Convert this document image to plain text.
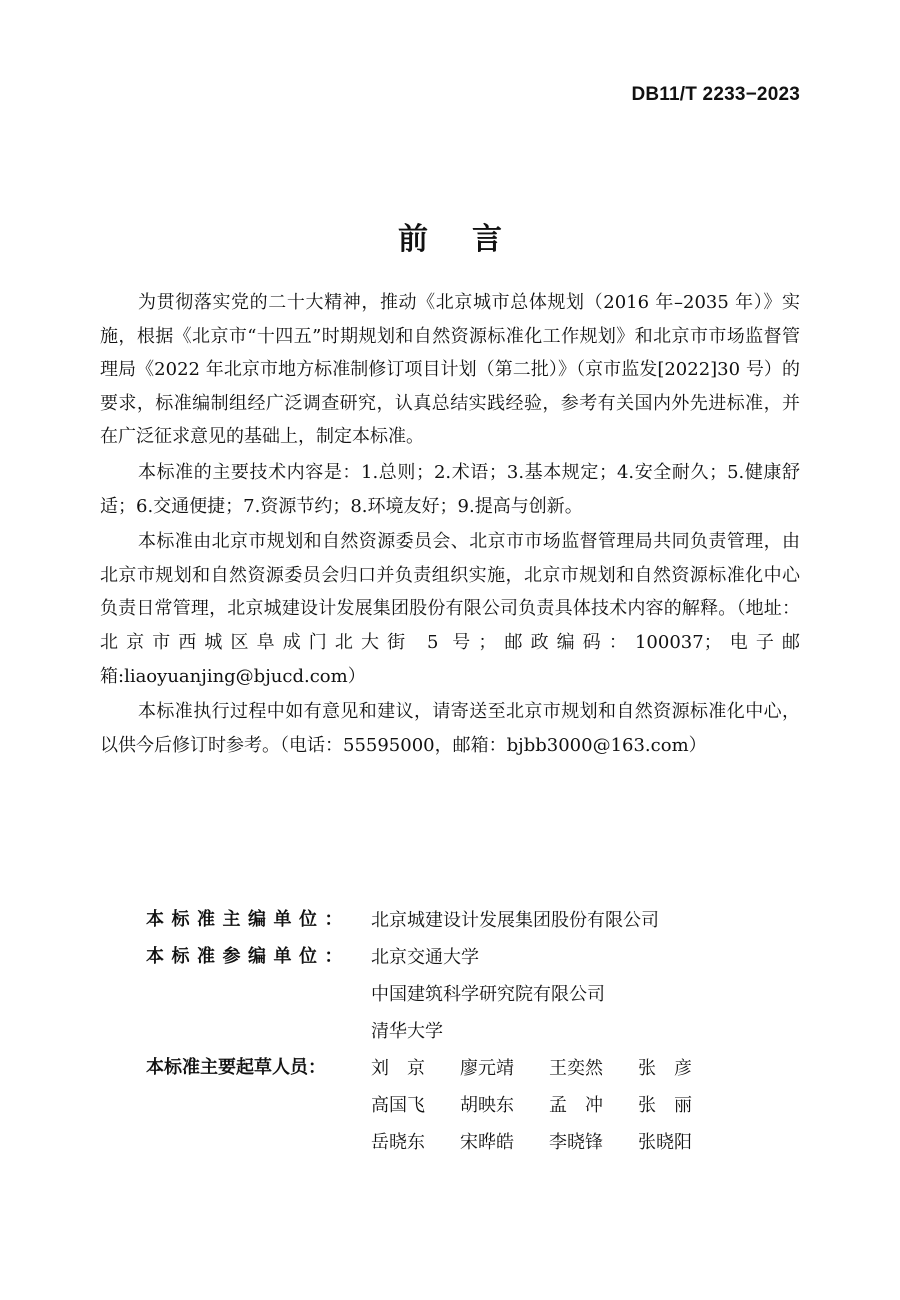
DB11/T 2233−2023
前言

为贯彻落实党的二十大精神，推动《北京城市总体规划（2016 年–2035 年）》实施，根据《北京市“十四五”时期规划和自然资源标准化工作规划》和北京市市场监督管理局《2022 年北京市地方标准制修订项目计划（第二批）》（京市监发[2022]30 号）的要求，标准编制组经广泛调查研究，认真总结实践经验，参考有关国内外先进标准，并在广泛征求意见的基础上，制定本标准。

本标准的主要技术内容是：1.总则；2.术语；3.基本规定；4.安全耐久；5.健康舒适；6.交通便捷；7.资源节约；8.环境友好；9.提高与创新。

本标准由北京市规划和自然资源委员会、北京市市场监督管理局共同负责管理，由北京市规划和自然资源委员会归口并负责组织实施，北京市规划和自然资源标准化中心负责日常管理，北京城建设计发展集团股份有限公司负责具体技术内容的解释。（地址：北京市西城区阜成门北大街 5 号；邮政编码：100037；电子邮箱:liaoyuanjing@bjucd.com）

本标准执行过程中如有意见和建议，请寄送至北京市规划和自然资源标准化中心，以供今后修订时参考。（电话：55595000，邮箱：bjbb3000@163.com）

本标准主编单位：	北京城建设计发展集团股份有限公司
本标准参编单位：	北京交通大学
中国建筑科学研究院有限公司
清华大学
本标准主要起草人员：	刘　京	廖元靖	王奕然	张　彦
高国飞	胡映东	孟　冲	张　丽
岳晓东	宋晔皓	李晓锋	张晓阳
